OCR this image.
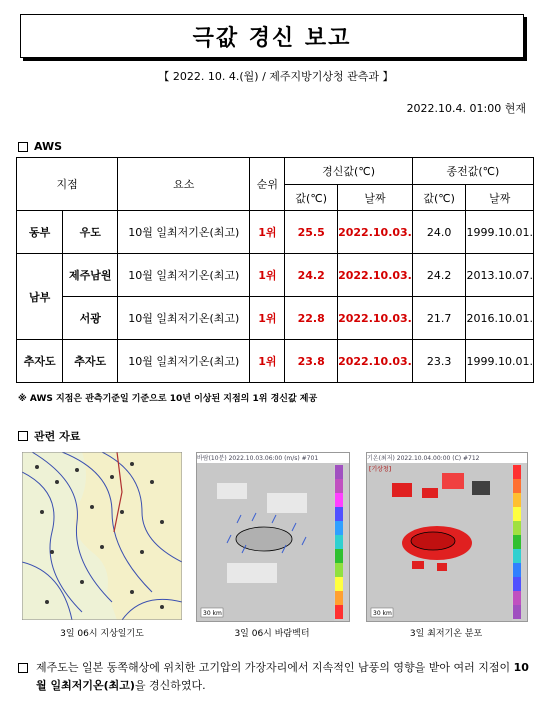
극값 경신 보고
【 2022. 10. 4.(월) / 제주지방기상청 관측과 】
2022.10.4. 01:00 현재
AWS
지점		요소	순위	경신값(℃)		종전값(℃)	
				값(℃)	날짜	값(℃)	날짜
동부	우도	10월 일최저기온(최고)	1위	25.5	2022.10.03.	24.0	1999.10.01.
남부	제주남원	10월 일최저기온(최고)	1위	24.2	2022.10.03.	24.2	2013.10.07.
	서광	10월 일최저기온(최고)	1위	22.8	2022.10.03.	21.7	2016.10.01.
추자도	추자도	10월 일최저기온(최고)	1위	23.8	2022.10.03.	23.3	1999.10.01.
※ AWS 지점은 관측기준일 기준으로 10년 이상된 지점의 1위 경신값 제공
관련 자료
3일 06시 지상일기도
바람(10분) 2022.10.03.06:00 (m/s) #701
30 km
3일 06시 바람벡터
기온(최저) 2022.10.04.00:00 (C) #712
[기상청]
30 km
3일 최저기온 분포
제주도는 일본 동쪽해상에 위치한 고기압의 가장자리에서 지속적인 남풍의 영향을 받아 여러 지점이 10월 일최저기온(최고)을 경신하였다.
